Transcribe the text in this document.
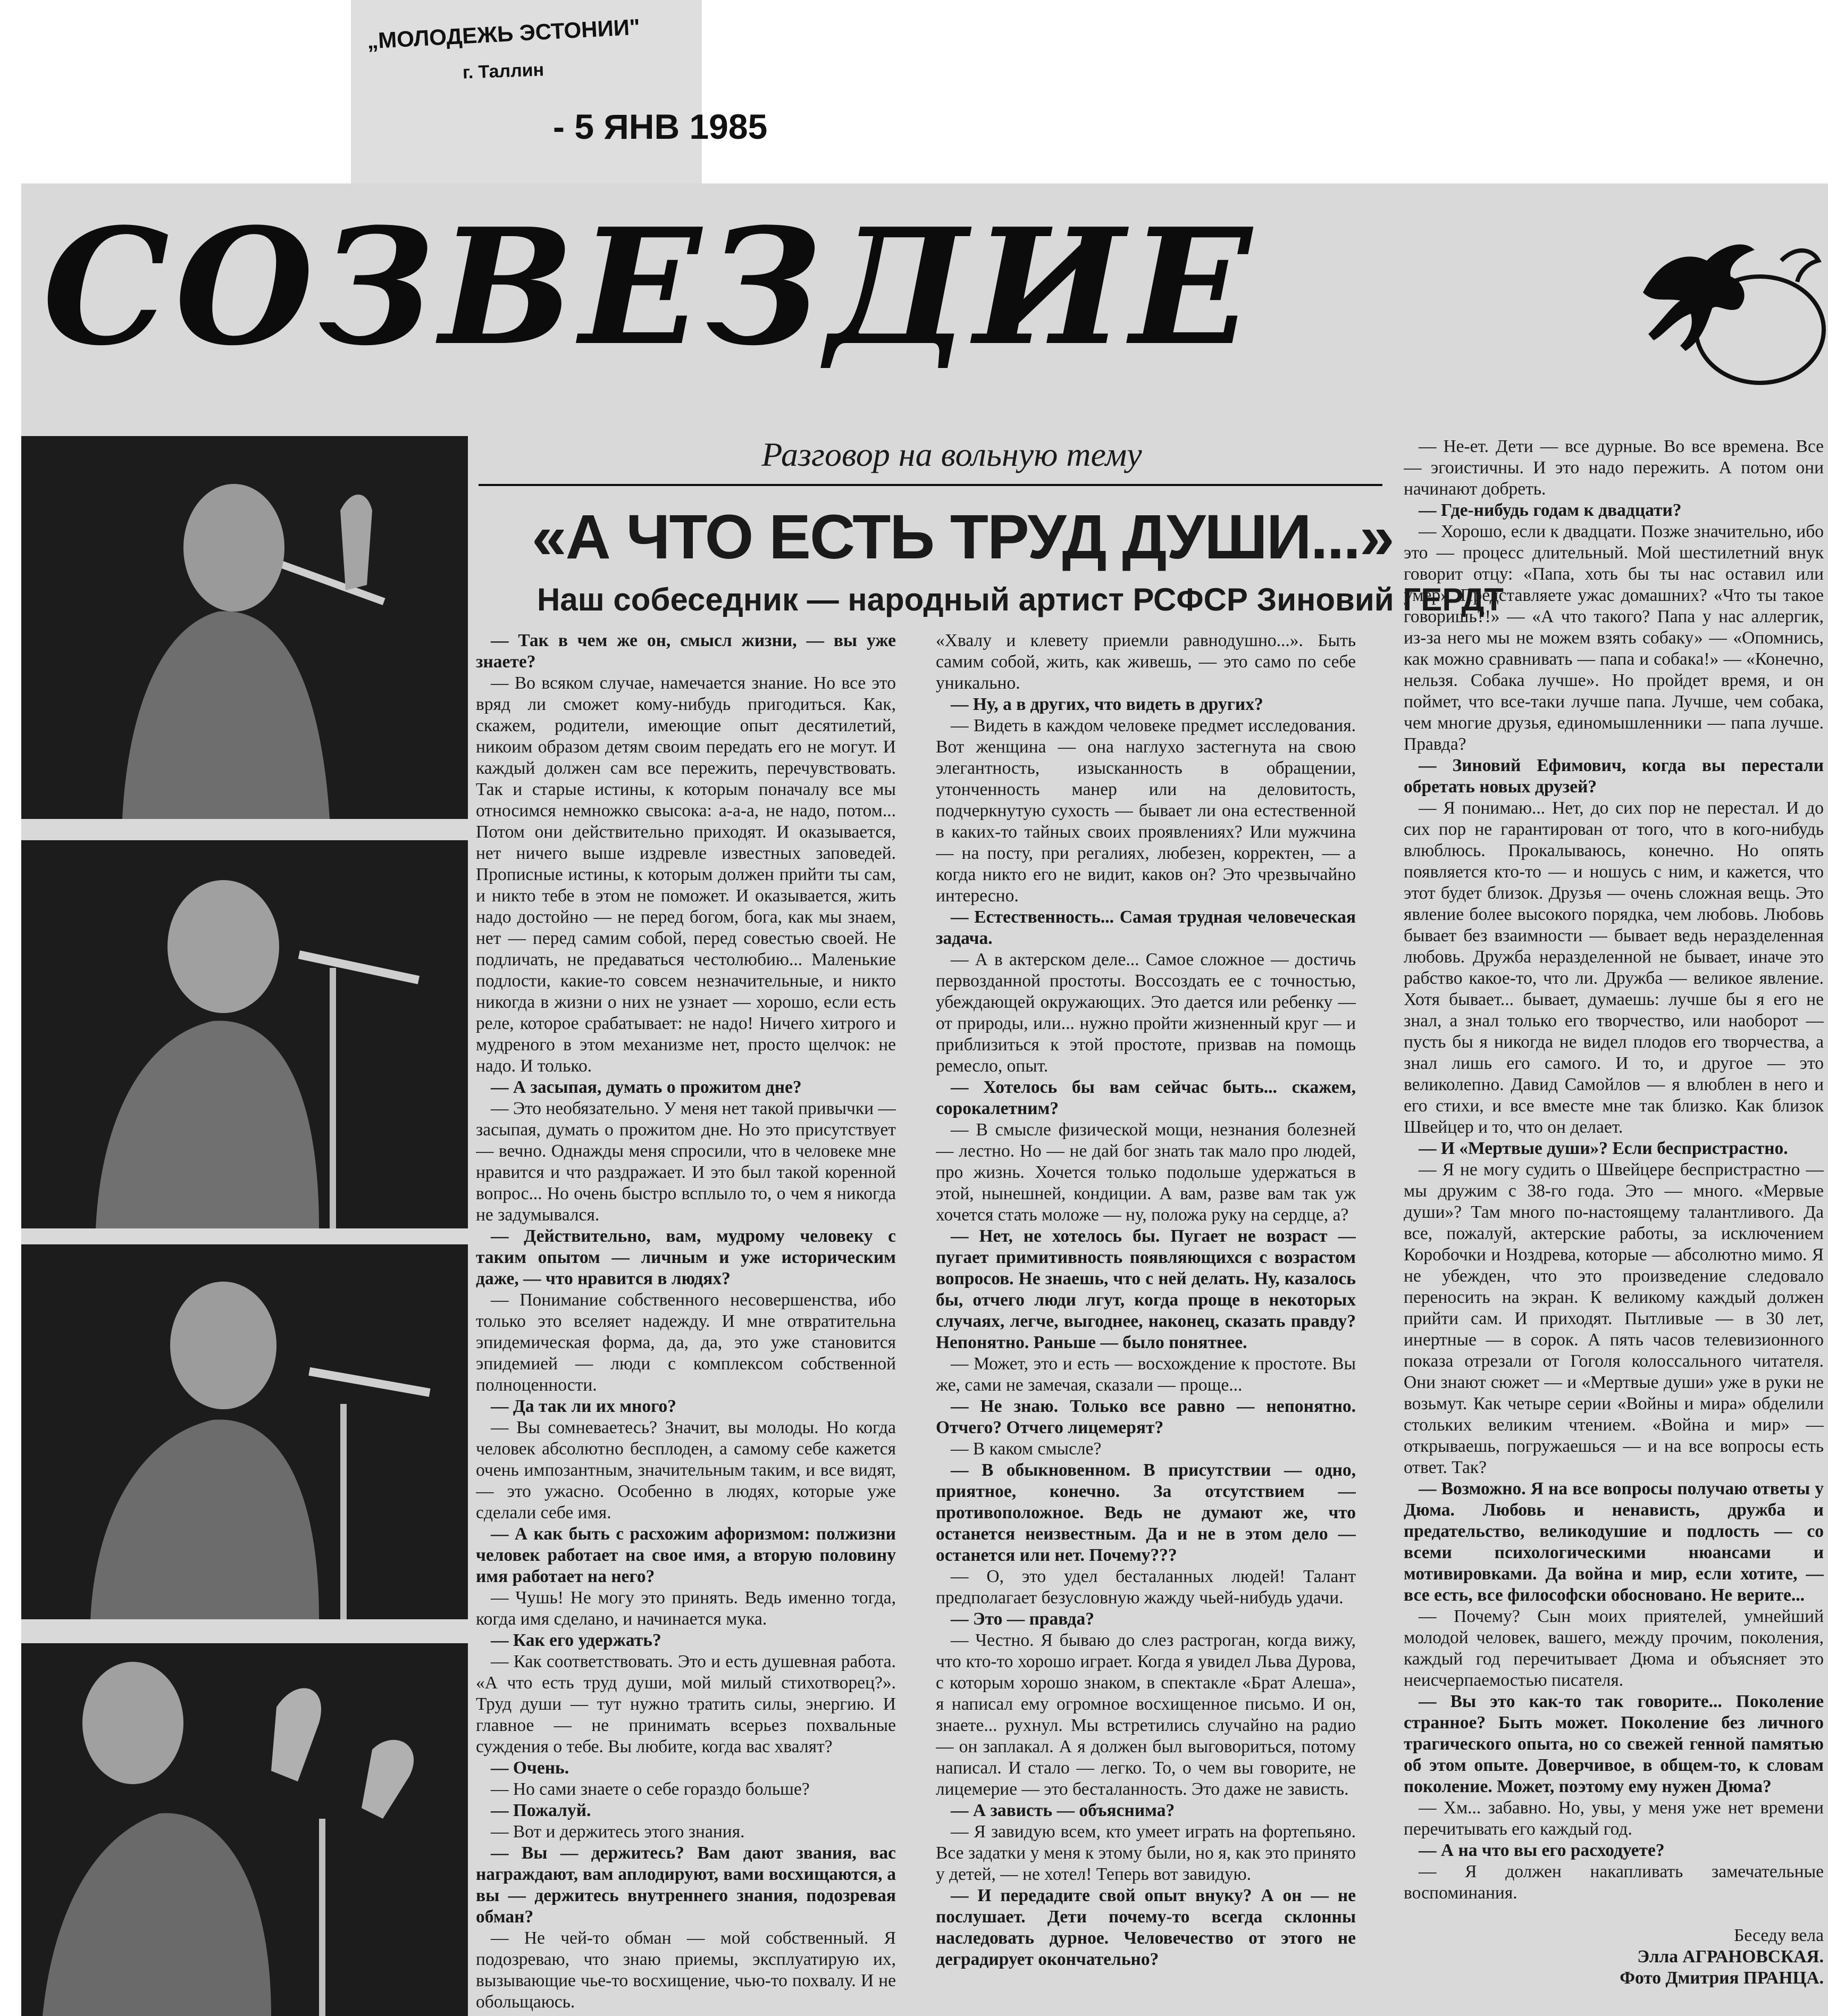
„МОЛОДЕЖЬ ЭСТОНИИ"
г. Таллин
- 5 ЯНВ 1985
СОЗВЕЗДИЕ
Разговор на вольную тему
«А ЧТО ЕСТЬ ТРУД ДУШИ...»
Наш собеседник — народный артист РСФСР Зиновий ГЕРДТ

— Так в чем же он, смысл жизни, — вы уже знаете?

— Во всяком случае, намечается знание. Но все это вряд ли сможет кому-нибудь пригодиться. Как, скажем, родители, имеющие опыт десятилетий, никоим образом детям своим передать его не могут. И каждый должен сам все пережить, перечувствовать. Так и старые истины, к которым поначалу все мы относимся немножко свысока: а-а-а, не надо, потом... Потом они действительно приходят. И оказывается, нет ничего выше издревле известных заповедей. Прописные истины, к которым должен прийти ты сам, и никто тебе в этом не поможет. И оказывается, жить надо достойно — не перед богом, бога, как мы знаем, нет — перед самим собой, перед совестью своей. Не подличать, не предаваться честолюбию... Маленькие подлости, какие-то совсем незначительные, и никто никогда в жизни о них не узнает — хорошо, если есть реле, которое срабатывает: не надо! Ничего хитрого и мудреного в этом механизме нет, просто щелчок: не надо. И только.

— А засыпая, думать о прожитом дне?

— Это необязательно. У меня нет такой привычки — засыпая, думать о прожитом дне. Но это присутствует — вечно. Однажды меня спросили, что в человеке мне нравится и что раздражает. И это был такой коренной вопрос... Но очень быстро всплыло то, о чем я никогда не задумывался.

— Действительно, вам, мудрому человеку с таким опытом — личным и уже историческим даже, — что нравится в людях?

— Понимание собственного несовершенства, ибо только это вселяет надежду. И мне отвратительна эпидемическая форма, да, да, это уже становится эпидемией — люди с комплексом собственной полноценности.

— Да так ли их много?

— Вы сомневаетесь? Значит, вы молоды. Но когда человек абсолютно бесплоден, а самому себе кажется очень импозантным, значительным таким, и все видят, — это ужасно. Особенно в людях, которые уже сделали себе имя.

— А как быть с расхожим афоризмом: полжизни человек работает на свое имя, а вторую половину имя работает на него?

— Чушь! Не могу это принять. Ведь именно тогда, когда имя сделано, и начинается мука.

— Как его удержать?

— Как соответствовать. Это и есть душевная работа. «А что есть труд души, мой милый стихотворец?». Труд души — тут нужно тратить силы, энергию. И главное — не принимать всерьез похвальные суждения о тебе. Вы любите, когда вас хвалят?

— Очень.

— Но сами знаете о себе гораздо больше?

— Пожалуй.

— Вот и держитесь этого знания.

— Вы — держитесь? Вам дают звания, вас награждают, вам аплодируют, вами восхищаются, а вы — держитесь внутреннего знания, подозревая обман?

— Не чей-то обман — мой собственный. Я подозреваю, что знаю приемы, эксплуатирую их, вызывающие чье-то восхищение, чью-то похвалу. И не обольщаюсь.

«Хвалу и клевету приемли равнодушно...». Быть самим собой, жить, как живешь, — это само по себе уникально.

— Ну, а в других, что видеть в других?

— Видеть в каждом человеке предмет исследования. Вот женщина — она наглухо застегнута на свою элегантность, изысканность в обращении, утонченность манер или на деловитость, подчеркнутую сухость — бывает ли она естественной в каких-то тайных своих проявлениях? Или мужчина — на посту, при регалиях, любезен, корректен, — а когда никто его не видит, каков он? Это чрезвычайно интересно.

— Естественность... Самая трудная человеческая задача.

— А в актерском деле... Самое сложное — достичь первозданной простоты. Воссоздать ее с точностью, убеждающей окружающих. Это дается или ребенку — от природы, или... нужно пройти жизненный круг — и приблизиться к этой простоте, призвав на помощь ремесло, опыт.

— Хотелось бы вам сейчас быть... скажем, сорокалетним?

— В смысле физической мощи, незнания болезней — лестно. Но — не дай бог знать так мало про людей, про жизнь. Хочется только подольше удержаться в этой, нынешней, кондиции. А вам, разве вам так уж хочется стать моложе — ну, положа руку на сердце, а?

— Нет, не хотелось бы. Пугает не возраст — пугает примитивность появляющихся с возрастом вопросов. Не знаешь, что с ней делать. Ну, казалось бы, отчего люди лгут, когда проще в некоторых случаях, легче, выгоднее, наконец, сказать правду? Непонятно. Раньше — было понятнее.

— Может, это и есть — восхождение к простоте. Вы же, сами не замечая, сказали — проще...

— Не знаю. Только все равно — непонятно. Отчего? Отчего лицемерят?

— В каком смысле?

— В обыкновенном. В присутствии — одно, приятное, конечно. За отсутствием — противоположное. Ведь не думают же, что останется неизвестным. Да и не в этом дело — останется или нет. Почему???

— О, это удел бесталанных людей! Талант предполагает безусловную жажду чьей-нибудь удачи.

— Это — правда?

— Честно. Я бываю до слез растроган, когда вижу, что кто-то хорошо играет. Когда я увидел Льва Дурова, с которым хорошо знаком, в спектакле «Брат Алеша», я написал ему огромное восхищенное письмо. И он, знаете... рухнул. Мы встретились случайно на радио — он заплакал. А я должен был выговориться, потому написал. И стало — легко. То, о чем вы говорите, не лицемерие — это бесталанность. Это даже не зависть.

— А зависть — объяснима?

— Я завидую всем, кто умеет играть на фортепьяно. Все задатки у меня к этому были, но я, как это принято у детей, — не хотел! Теперь вот завидую.

— И передадите свой опыт внуку? А он — не послушает. Дети почему-то всегда склонны наследовать дурное. Человечество от этого не деградирует окончательно?

— Не-ет. Дети — все дурные. Во все времена. Все — эгоистичны. И это надо пережить. А потом они начинают добреть.

— Где-нибудь годам к двадцати?

— Хорошо, если к двадцати. Позже значительно, ибо это — процесс длительный. Мой шестилетний внук говорит отцу: «Папа, хоть бы ты нас оставил или умер». Представляете ужас домашних? «Что ты такое говоришь?!» — «А что такого? Папа у нас аллергик, из-за него мы не можем взять собаку» — «Опомнись, как можно сравнивать — папа и собака!» — «Конечно, нельзя. Собака лучше». Но пройдет время, и он поймет, что все-таки лучше папа. Лучше, чем собака, чем многие друзья, единомышленники — папа лучше. Правда?

— Зиновий Ефимович, когда вы перестали обретать новых друзей?

— Я понимаю... Нет, до сих пор не перестал. И до сих пор не гарантирован от того, что в кого-нибудь влюблюсь. Прокалываюсь, конечно. Но опять появляется кто-то — и ношусь с ним, и кажется, что этот будет близок. Друзья — очень сложная вещь. Это явление более высокого порядка, чем любовь. Любовь бывает без взаимности — бывает ведь неразделенная любовь. Дружба неразделенной не бывает, иначе это рабство какое-то, что ли. Дружба — великое явление. Хотя бывает... бывает, думаешь: лучше бы я его не знал, а знал только его творчество, или наоборот — пусть бы я никогда не видел плодов его творчества, а знал лишь его самого. И то, и другое — это великолепно. Давид Самойлов — я влюблен в него и его стихи, и все вместе мне так близко. Как близок Швейцер и то, что он делает.

— И «Мертвые души»? Если беспристрастно.

— Я не могу судить о Швейцере беспристрастно — мы дружим с 38-го года. Это — много. «Мервые души»? Там много по-настоящему талантливого. Да все, пожалуй, актерские работы, за исключением Коробочки и Ноздрева, которые — абсолютно мимо. Я не убежден, что это произведение следовало переносить на экран. К великому каждый должен прийти сам. И приходят. Пытливые — в 30 лет, инертные — в сорок. А пять часов телевизионного показа отрезали от Гоголя колоссального читателя. Они знают сюжет — и «Мертвые души» уже в руки не возьмут. Как четыре серии «Войны и мира» обделили стольких великим чтением. «Война и мир» — открываешь, погружаешься — и на все вопросы есть ответ. Так?

— Возможно. Я на все вопросы получаю ответы у Дюма. Любовь и ненависть, дружба и предательство, великодушие и подлость — со всеми психологическими нюансами и мотивировками. Да война и мир, если хотите, — все есть, все философски обосновано. Не верите...

— Почему? Сын моих приятелей, умнейший молодой человек, вашего, между прочим, поколения, каждый год перечитывает Дюма и объясняет это неисчерпаемостью писателя.

— Вы это как-то так говорите... Поколение странное? Быть может. Поколение без личного трагического опыта, но со свежей генной памятью об этом опыте. Доверчивое, в общем-то, к словам поколение. Может, поэтому ему нужен Дюма?

— Хм... забавно. Но, увы, у меня уже нет времени перечитывать его каждый год.

— А на что вы его расходуете?

— Я должен накапливать замечательные воспоминания.

Беседу вела
Элла АГРАНОВСКАЯ.
Фото Дмитрия ПРАНЦА.
